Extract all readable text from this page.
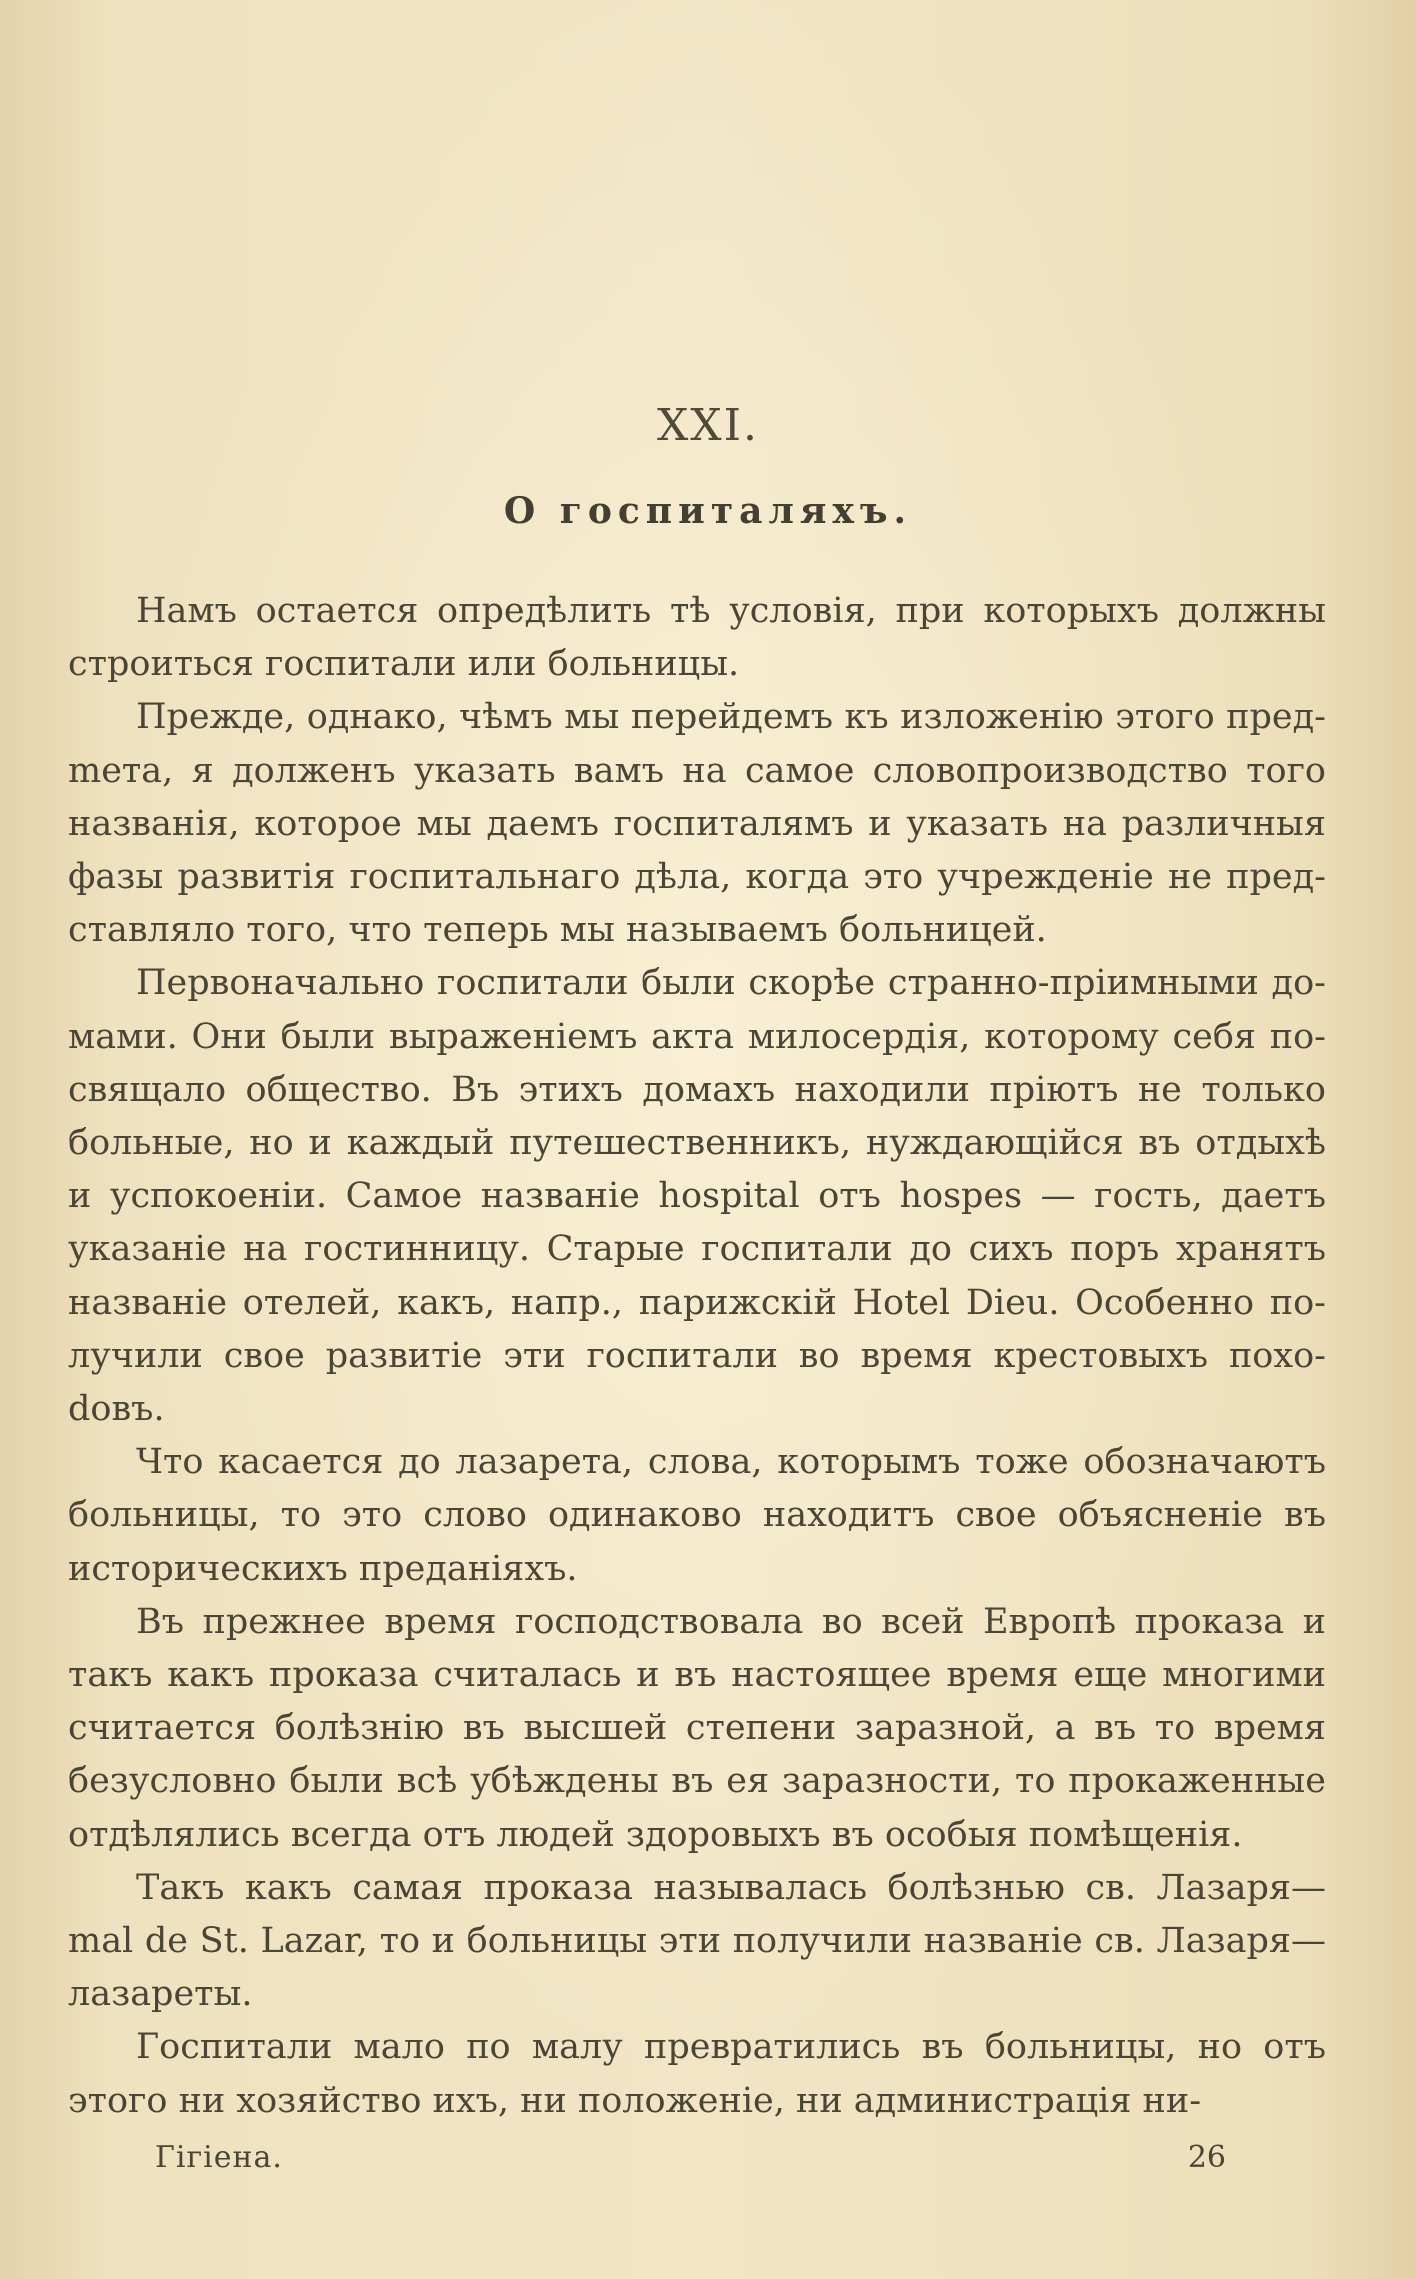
XXI.
О госпиталяхъ.

Намъ остается опредѣлить тѣ условія, при которыхъ должны строиться госпитали или больницы.

Прежде, однако, чѣмъ мы перейдемъ къ изложенію этого предmета, я долженъ указать вамъ на самое словопроизводство того названія, которое мы даемъ госпиталямъ и указать на различныя фазы развитія госпитальнаго дѣла, когда это учрежденіе не представляло того, что теперь мы называемъ больницей.

Первоначально госпитали были скорѣе странно-пріимными домами. Они были выраженіемъ акта милосердія, которому себя посвящало общество. Въ этихъ домахъ находили пріютъ не только больные, но и каждый путешественникъ, нуждающійся въ отдыхѣ и успокоеніи. Самое названіе hospital отъ hospes — гость, даетъ указаніе на гостинницу. Старые госпитали до сихъ поръ хранятъ названіе отелей, какъ, напр., парижскій Hotel Dieu. Особенно получили свое развитіе эти госпитали во время крестовыхъ похоdовъ.

Что касается до лазарета, слова, которымъ тоже обозначаютъ больницы, то это слово одинаково находитъ свое объясненіе въ историческихъ преданіяхъ.

Въ прежнее время господствовала во всей Европѣ проказа и такъ какъ проказа считалась и въ настоящее время еще многими считается болѣзнію въ высшей степени заразной, а въ то время безусловно были всѣ убѣждены въ ея заразности, то прокаженные отдѣлялись всегда отъ людей здоровыхъ въ особыя помѣщенія.

Такъ какъ самая проказа называлась болѣзнью св. Лазаря— mal de St. Lazar, то и больницы эти получили названіе св. Лазаря—лазареты.

Госпитали мало по малу превратились въ больницы, но отъ этого ни хозяйство ихъ, ни положеніе, ни администрація ни-

Гігіена.	26
